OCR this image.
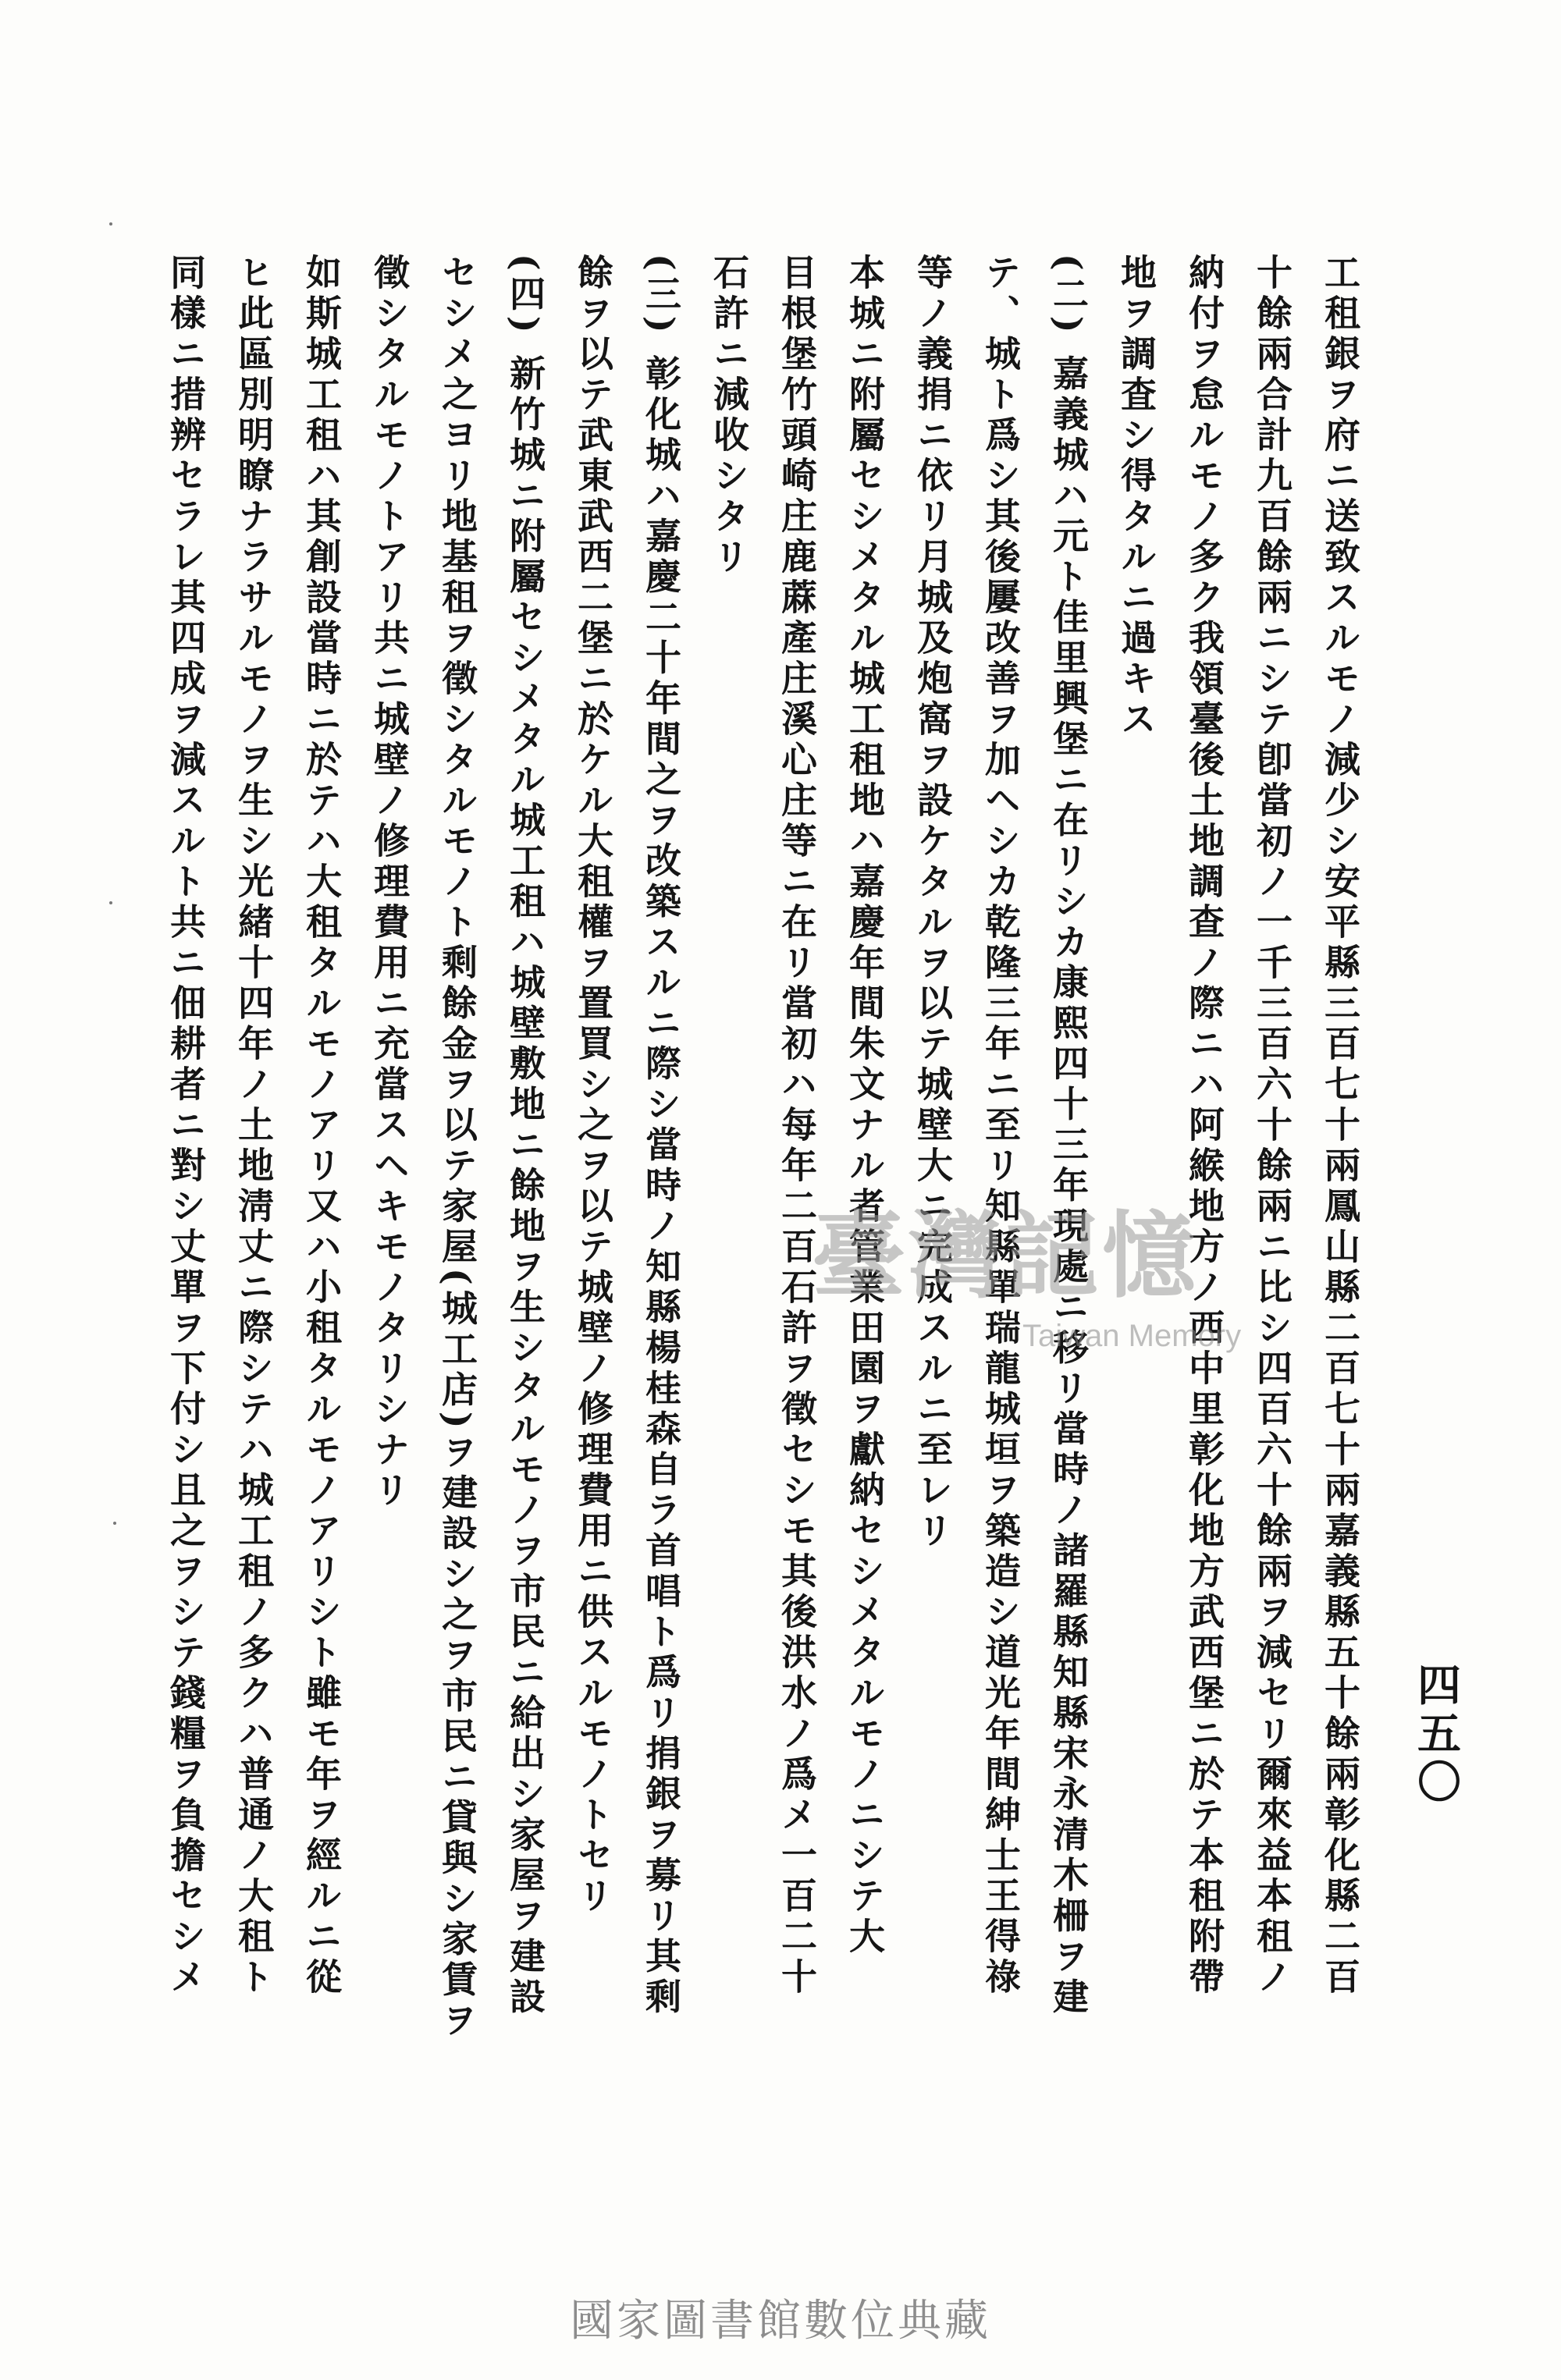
四五〇
工租銀ヲ府ニ送致スルモノ減少シ安平縣三百七十兩鳳山縣二百七十兩嘉義縣五十餘兩彰化縣二百
十餘兩合計九百餘兩ニシテ卽當初ノ一千三百六十餘兩ニ比シ四百六十餘兩ヲ減セリ爾來益本租ノ
納付ヲ怠ルモノ多ク我領臺後土地調查ノ際ニハ阿緱地方ノ西中里彰化地方武西堡ニ於テ本租附帶
地ヲ調査シ得タルニ過キス
(二) 嘉義城ハ元ト佳里興堡ニ在リシカ康熙四十三年現處ニ移リ當時ノ諸羅縣知縣宋永清木柵ヲ建
テ、城ト爲シ其後屢改善ヲ加ヘシカ乾隆三年ニ至リ知縣單瑞龍城垣ヲ築造シ道光年間紳士王得祿
等ノ義捐ニ依リ月城及炮窩ヲ設ケタルヲ以テ城壁大ニ完成スルニ至レリ
本城ニ附屬セシメタル城工租地ハ嘉慶年間朱文ナル者管業田園ヲ獻納セシメタルモノニシテ大
目根堡竹頭崎庄鹿蔴產庄溪心庄等ニ在リ當初ハ每年二百石許ヲ徵セシモ其後洪水ノ爲メ一百二十
石許ニ減收シタリ
(三) 彰化城ハ嘉慶二十年間之ヲ改築スルニ際シ當時ノ知縣楊桂森自ラ首唱ト爲リ捐銀ヲ募リ其剩
餘ヲ以テ武東武西二堡ニ於ケル大租權ヲ置買シ之ヲ以テ城壁ノ修理費用ニ供スルモノトセリ
(四) 新竹城ニ附屬セシメタル城工租ハ城壁敷地ニ餘地ヲ生シタルモノヲ市民ニ給出シ家屋ヲ建設
セシメ之ヨリ地基租ヲ徵シタルモノト剩餘金ヲ以テ家屋(城工店)ヲ建設シ之ヲ市民ニ貸與シ家賃ヲ
徵シタルモノトアリ共ニ城壁ノ修理費用ニ充當スヘキモノタリシナリ
如斯城工租ハ其創設當時ニ於テハ大租タルモノアリ又ハ小租タルモノアリシト雖モ年ヲ經ルニ從
ヒ此區別明瞭ナラサルモノヲ生シ光緒十四年ノ土地淸丈ニ際シテハ城工租ノ多クハ普通ノ大租ト
同樣ニ措辨セラレ其四成ヲ減スルト共ニ佃耕者ニ對シ丈單ヲ下付シ且之ヲシテ錢糧ヲ負擔セシメ	臺灣記憶
Taiwan Memory
國家圖書館數位典藏
